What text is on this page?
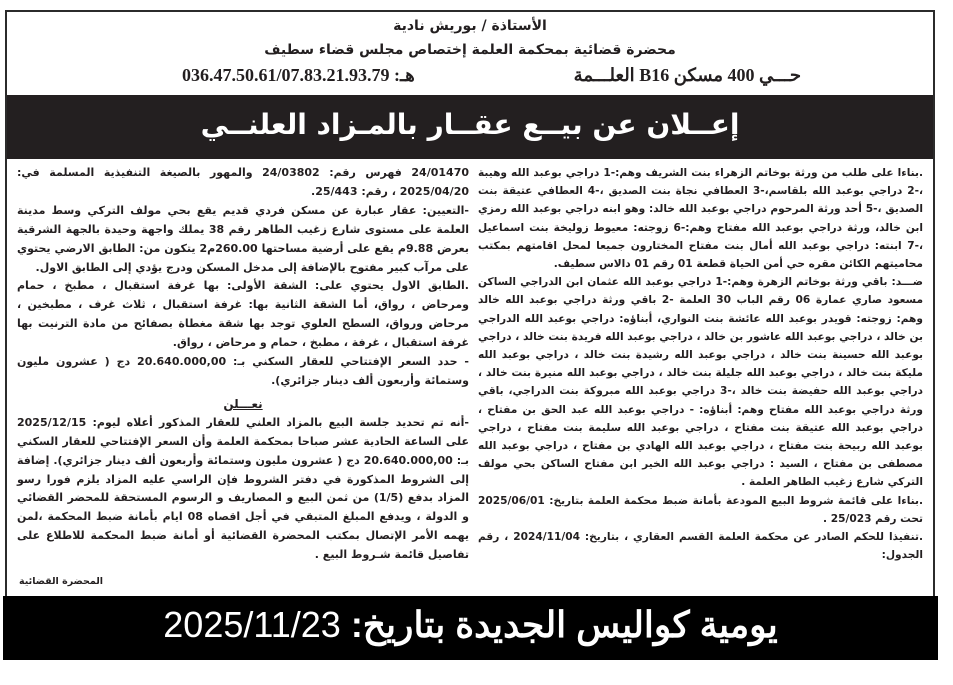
الأستاذة / بوريش نادية
محضرة قضائية بمحكمة العلمة إختصاص مجلس قضاء سطيف
حـــي 400 مسكن B16 العلـــمة
هـ: 036.47.50.61/07.83.21.93.79
إعــلان عن بيــع عقــار بالمـزاد العلنــي

.بناءا على طلب من ورثة بوخاتم الزهراء بنت الشريف وهم:-1 دراجي بوعبد الله وهيبة ،-2 دراجي بوعبد الله بلقاسم،-3 العطافي نجاة بنت الصديق ،-4 العطافي عتيقة بنت الصديق ،-5 أحد ورثة المرحوم دراجي بوعبد الله خالد: وهو ابنه دراجي بوعبد الله رمزي ابن خالد، ورثة دراجي بوعبد الله مفتاح وهم:-6 زوجته: معيوط زوليخة بنت اسماعيل ،-7 ابنته: دراجي بوعبد الله أمال بنت مفتاح المختارون جميعا لمحل اقامتهم بمكتب محاميتهم الكائن مقره حي أمن الحياة قطعة 01 رقم 01 دالاس سطيف.

ضـــد: باقي ورثة بوخاتم الزهرة وهم:-1 دراجي بوعبد الله عثمان ابن الدراجي الساكن مسعود صاري عمارة 06 رقم الباب 30 العلمة -2 باقي ورثة دراجي بوعبد الله خالد وهم: زوجته: قويدر بوعبد الله عائشة بنت النواري، أبناؤه: دراجي بوعبد الله الدراجي بن خالد ، دراجي بوعبد الله عاشور بن خالد ، دراجي بوعبد الله فريدة بنت خالد ، دراجي بوعبد الله حسينة بنت خالد ، دراجي بوعبد الله رشيدة بنت خالد ، دراجي بوعبد الله مليكة بنت خالد ، دراجي بوعبد الله جليلة بنت خالد ، دراجي بوعبد الله منيرة بنت خالد ، دراجي بوعبد الله حفيضة بنت خالد ،-3 دراجي بوعبد الله مبروكة بنت الدراجي، باقي ورثة دراجي بوعبد الله مفتاح وهم: أبناؤه: - دراجي بوعبد الله عبد الحق بن مفتاح ، دراجي بوعبد الله عتيقة بنت مفتاح ، دراجي بوعبد الله سليمة بنت مفتاح ، دراجي بوعبد الله ربيحة بنت مفتاح ، دراجي بوعبد الله الهادي بن مفتاح ، دراجي بوعبد الله مصطفى بن مفتاح ، السيد : دراجي بوعبد الله الخير ابن مفتاح الساكن بحي مولف التركي شارع زغيب الطاهر العلمة .

.بناءا على قائمة شروط البيع المودعة بأمانة ضبط محكمة العلمة بتاريخ: 2025/06/01 تحت رقم 25/023 .

.تنفيذا للحكم الصادر عن محكمة العلمة القسم العقاري ، بتاريخ: 2024/11/04 ، رقم الجدول:

24/01470 فهرس رقم: 24/03802 والمهور بالصيغة التنفيذية المسلمة في: 2025/04/20 ، رقم: 25/443.

-التعيين: عقار عبارة عن مسكن فردي قديم يقع بحي مولف التركي وسط مدينة العلمة على مستوى شارع زغيب الطاهر رقم 38 يملك واجهة وحيدة بالجهة الشرقية بعرض 9.88م يقع على أرضية مساحتها 260.00م2 يتكون من: الطابق الارضي يحتوي على مرآب كبير مفتوح بالإضافة إلى مدخل المسكن ودرج يؤدي إلى الطابق الاول.

.الطابق الاول يحتوي على: الشقة الأولى: بها غرفة استقبال ، مطبخ ، حمام ومرحاض ، رواق، أما الشقة الثانية بها: غرفة استقبال ، ثلاث غرف ، مطبخين ، مرحاض ورواق، السطح العلوي توجد بها شقة مغطاة بصفائح من مادة الترنيت بها غرفة استقبال ، غرفة ، مطبخ ، حمام و مرحاض ، رواق.

- حدد السعر الإفتتاحي للعقار السكني بـ: 20.640.000,00 دج ( عشرون مليون وستمائة وأربعون ألف دينار جزائري).

نعـــلن

-أنه تم تحديد جلسة البيع بالمزاد العلني للعقار المذكور أعلاه ليوم: 2025/12/15 على الساعة الحادية عشر صباحا بمحكمة العلمة وأن السعر الإفتتاحي للعقار السكني بـ: 20.640.000,00 دج ( عشرون مليون وستمائة وأربعون ألف دينار جزائري). إضافة إلى الشروط المذكورة في دفتر الشروط فإن الراسي عليه المزاد يلزم فورا رسو المزاد بدفع (1/5) من ثمن البيع و المصاريف و الرسوم المستحقة للمحضر القضائي و الدولة ، ويدفع المبلغ المتبقي في أجل اقصاه 08 ايام بأمانة ضبط المحكمة ،لمن يهمه الأمر الإتصال بمكتب المحضرة القضائية أو أمانة ضبط المحكمة للاطلاع على تفاصيل قائمة شـروط البيع .

المحضرة القضائية
يومية كواليس الجديدة بتاريخ: 2025/11/23
